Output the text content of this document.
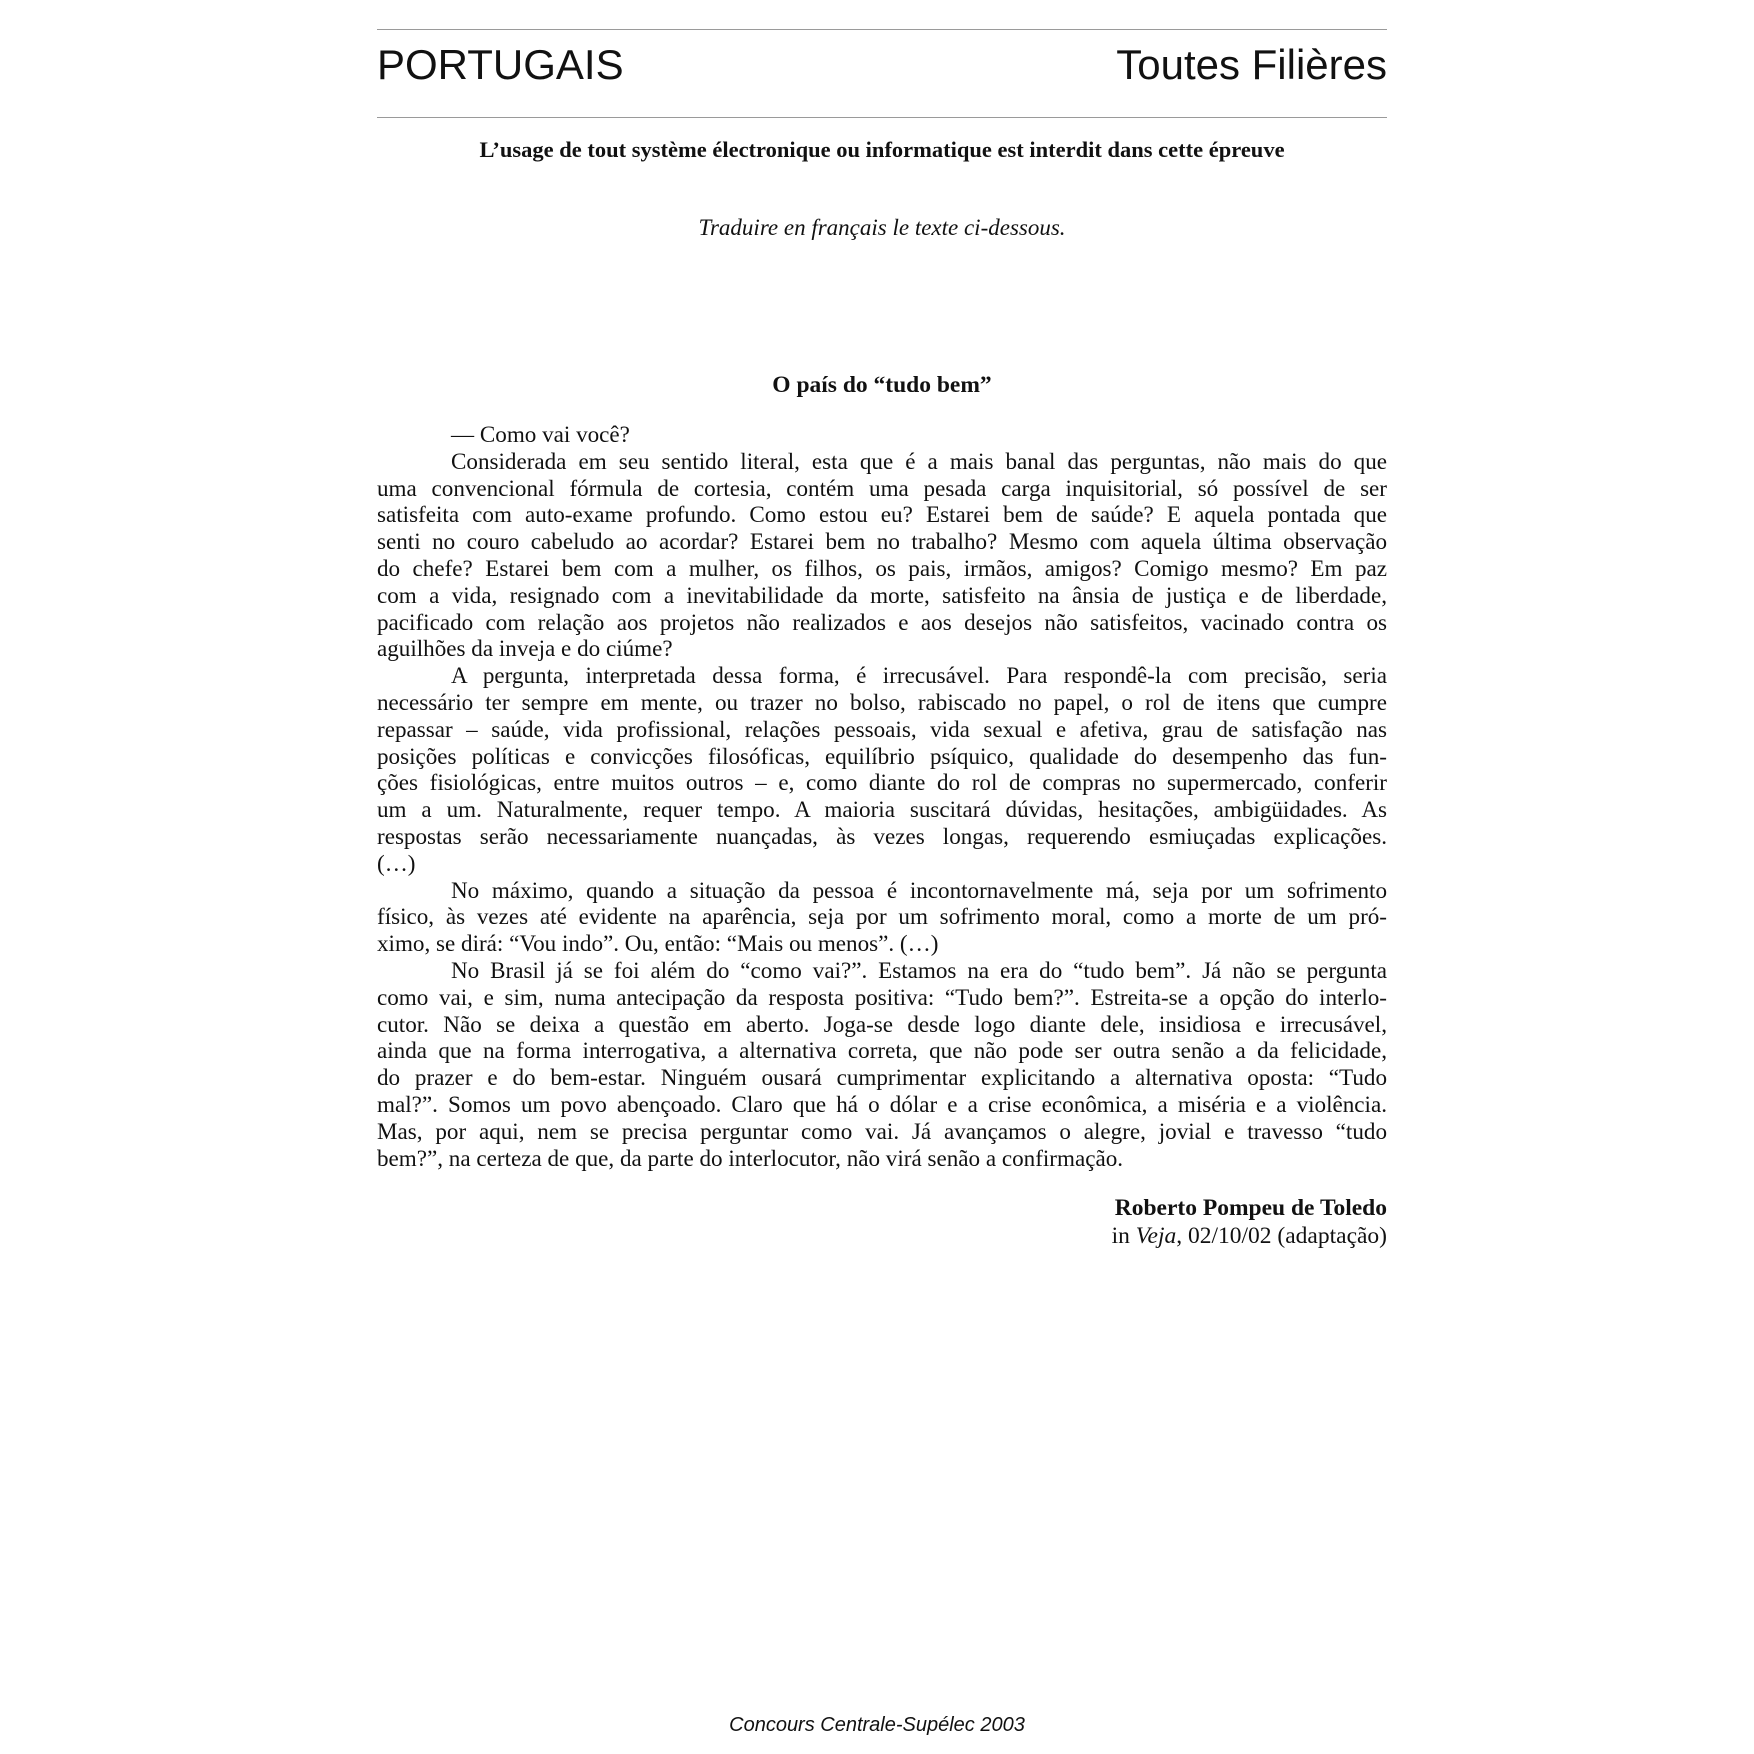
PORTUGAIS	Toutes Filières
L’usage de tout système électronique ou informatique est interdit dans cette épreuve
Traduire en français le texte ci-dessous.
O país do “tudo bem”
— Como vai você?
Considerada em seu sentido literal, esta que é a mais banal das perguntas, não mais do que
uma convencional fórmula de cortesia, contém uma pesada carga inquisitorial, só possível de ser
satisfeita com auto-exame profundo. Como estou eu? Estarei bem de saúde? E aquela pontada que
senti no couro cabeludo ao acordar? Estarei bem no trabalho? Mesmo com aquela última observação
do chefe? Estarei bem com a mulher, os filhos, os pais, irmãos, amigos? Comigo mesmo? Em paz
com a vida, resignado com a inevitabilidade da morte, satisfeito na ânsia de justiça e de liberdade,
pacificado com relação aos projetos não realizados e aos desejos não satisfeitos, vacinado contra os
aguilhões da inveja e do ciúme?
A pergunta, interpretada dessa forma, é irrecusável. Para respondê-la com precisão, seria
necessário ter sempre em mente, ou trazer no bolso, rabiscado no papel, o rol de itens que cumpre
repassar – saúde, vida profissional, relações pessoais, vida sexual e afetiva, grau de satisfação nas
posições políticas e convicções filosóficas, equilíbrio psíquico, qualidade do desempenho das fun-
ções fisiológicas, entre muitos outros – e, como diante do rol de compras no supermercado, conferir
um a um. Naturalmente, requer tempo. A maioria suscitará dúvidas, hesitações, ambigüidades. As
respostas serão necessariamente nuançadas, às vezes longas, requerendo esmiuçadas explicações.
(…)
No máximo, quando a situação da pessoa é incontornavelmente má, seja por um sofrimento
físico, às vezes até evidente na aparência, seja por um sofrimento moral, como a morte de um pró-
ximo, se dirá: “Vou indo”. Ou, então: “Mais ou menos”. (…)
No Brasil já se foi além do “como vai?”. Estamos na era do “tudo bem”. Já não se pergunta
como vai, e sim, numa antecipação da resposta positiva: “Tudo bem?”. Estreita-se a opção do interlo-
cutor. Não se deixa a questão em aberto. Joga-se desde logo diante dele, insidiosa e irrecusável,
ainda que na forma interrogativa, a alternativa correta, que não pode ser outra senão a da felicidade,
do prazer e do bem-estar. Ninguém ousará cumprimentar explicitando a alternativa oposta: “Tudo
mal?”. Somos um povo abençoado. Claro que há o dólar e a crise econômica, a miséria e a violência.
Mas, por aqui, nem se precisa perguntar como vai. Já avançamos o alegre, jovial e travesso “tudo
bem?”, na certeza de que, da parte do interlocutor, não virá senão a confirmação.
Roberto Pompeu de Toledo
in Veja, 02/10/02 (adaptação)
Concours Centrale-Supélec 2003
